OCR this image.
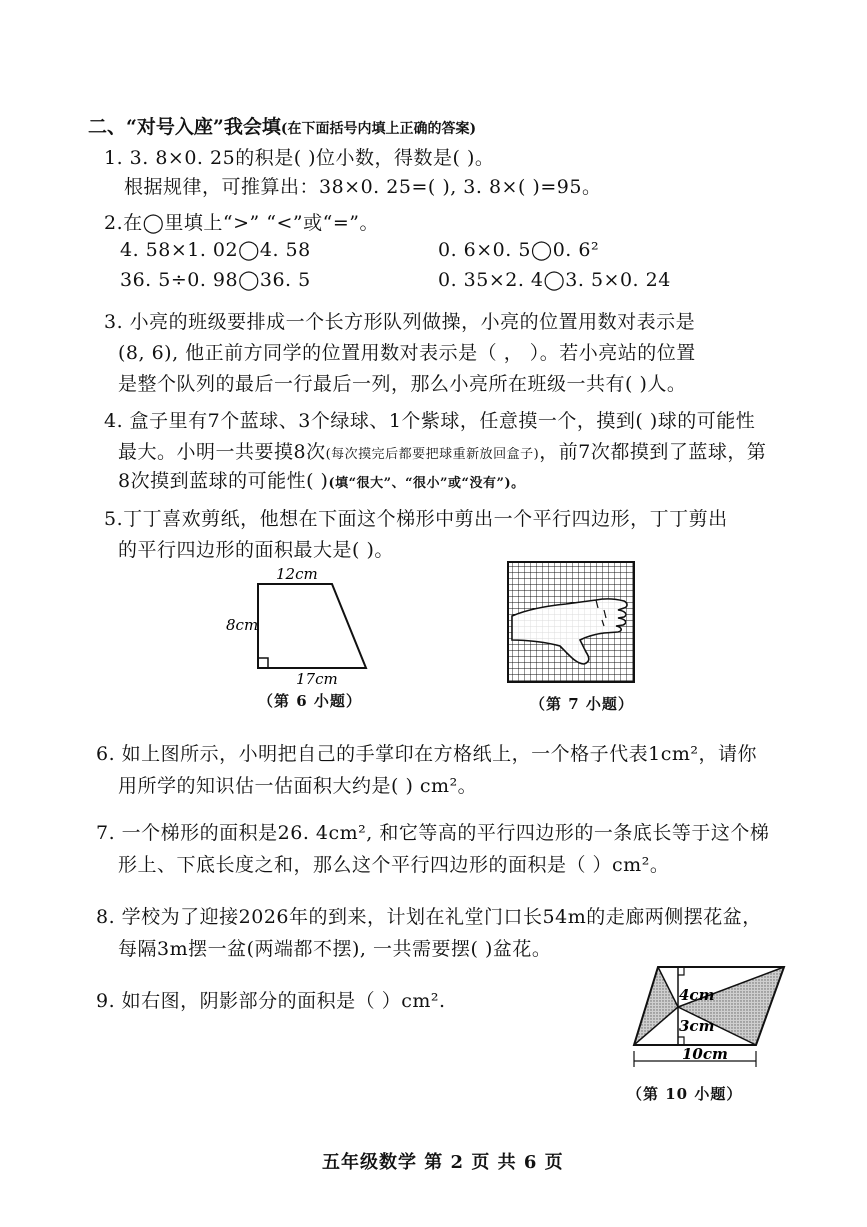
二、“对号入座”我会填(在下面括号内填上正确的答案)
1. 3. 8×0. 25的积是( )位小数，得数是( )。
根据规律，可推算出：38×0. 25=( ), 3. 8×( )=95。
2.在◯里填上“>” “<”或“=”。
4. 58×1. 02◯4. 58	0. 6×0. 5◯0. 6²
36. 5÷0. 98◯36. 5	0. 35×2. 4◯3. 5×0. 24
3. 小亮的班级要排成一个长方形队列做操，小亮的位置用数对表示是
(8, 6), 他正前方同学的位置用数对表示是（ ， ）。若小亮站的位置
是整个队列的最后一行最后一列，那么小亮所在班级一共有( )人。
4. 盒子里有7个蓝球、3个绿球、1个紫球，任意摸一个，摸到( )球的可能性
最大。小明一共要摸8次(每次摸完后都要把球重新放回盒子)，前7次都摸到了蓝球，第
8次摸到蓝球的可能性( )(填“很大”、“很小”或“没有”)。
5.丁丁喜欢剪纸，他想在下面这个梯形中剪出一个平行四边形，丁丁剪出
的平行四边形的面积最大是( )。
12cm
8cm
17cm
（第 6 小题）	（第 7 小题）
6. 如上图所示，小明把自己的手掌印在方格纸上，一个格子代表1cm²，请你
用所学的知识估一估面积大约是( ) cm²。
7. 一个梯形的面积是26. 4cm², 和它等高的平行四边形的一条底长等于这个梯
形上、下底长度之和，那么这个平行四边形的面积是（ ）cm²。
8. 学校为了迎接2026年的到来，计划在礼堂门口长54m的走廊两侧摆花盆，
每隔3m摆一盆(两端都不摆), 一共需要摆( )盆花。
9. 如右图，阴影部分的面积是（ ）cm².	4cm
3cm
10cm
（第 10 小题）
五年级数学 第 2 页 共 6 页
